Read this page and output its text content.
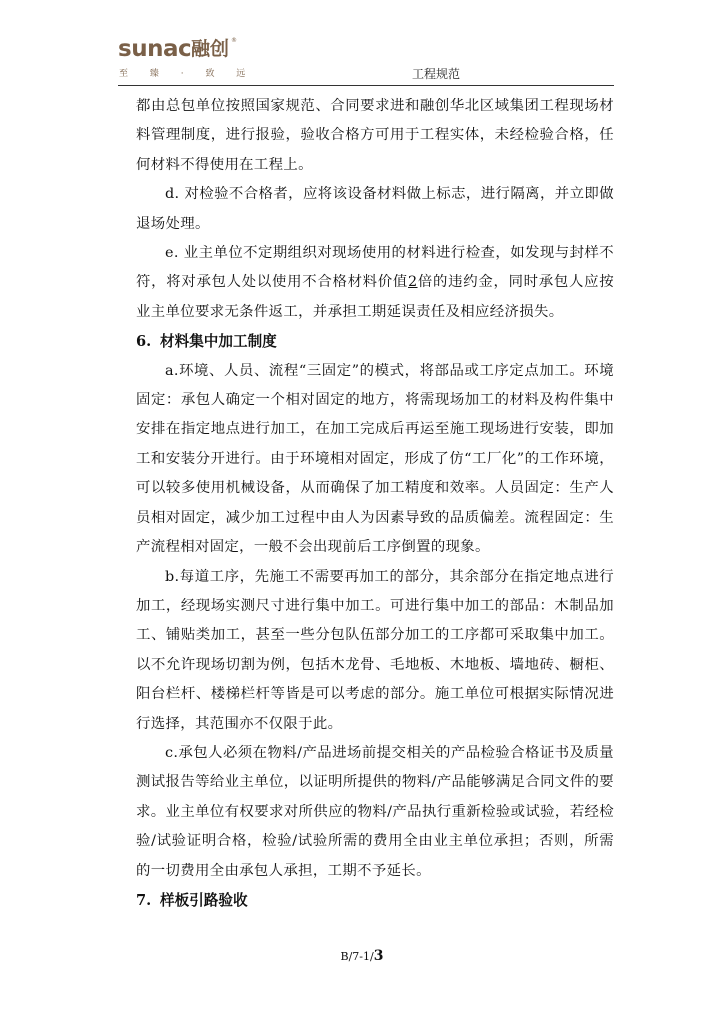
sunac 融创 ®
至 臻 · 致 远	工程规范

都由总包单位按照国家规范、合同要求进和融创华北区域集团工程现场材料管理制度，进行报验，验收合格方可用于工程实体，未经检验合格，任何材料不得使用在工程上。

d. 对检验不合格者，应将该设备材料做上标志，进行隔离，并立即做退场处理。

e. 业主单位不定期组织对现场使用的材料进行检查，如发现与封样不符，将对承包人处以使用不合格材料价值2倍的违约金，同时承包人应按业主单位要求无条件返工，并承担工期延误责任及相应经济损失。

6. 材料集中加工制度

a.环境、人员、流程“三固定”的模式，将部品或工序定点加工。环境固定：承包人确定一个相对固定的地方，将需现场加工的材料及构件集中安排在指定地点进行加工，在加工完成后再运至施工现场进行安装，即加工和安装分开进行。由于环境相对固定，形成了仿“工厂化”的工作环境，可以较多使用机械设备，从而确保了加工精度和效率。人员固定：生产人员相对固定，减少加工过程中由人为因素导致的品质偏差。流程固定：生产流程相对固定，一般不会出现前后工序倒置的现象。

b.每道工序，先施工不需要再加工的部分，其余部分在指定地点进行加工，经现场实测尺寸进行集中加工。可进行集中加工的部品：木制品加工、铺贴类加工，甚至一些分包队伍部分加工的工序都可采取集中加工。以不允许现场切割为例，包括木龙骨、毛地板、木地板、墙地砖、橱柜、阳台栏杆、楼梯栏杆等皆是可以考虑的部分。施工单位可根据实际情况进行选择，其范围亦不仅限于此。

c.承包人必须在物料/产品进场前提交相关的产品检验合格证书及质量测试报告等给业主单位，以证明所提供的物料/产品能够满足合同文件的要求。业主单位有权要求对所供应的物料/产品执行重新检验或试验，若经检验/试验证明合格，检验/试验所需的费用全由业主单位承担；否则，所需的一切费用全由承包人承担，工期不予延长。

7. 样板引路验收

B/7-1/3
